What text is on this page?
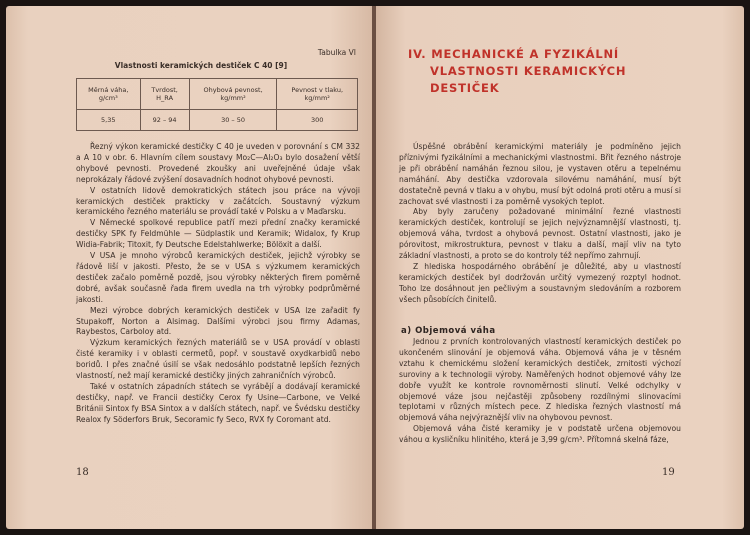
Tabulka VI
Vlastnosti keramických destiček C 40 [9]
Měrná váha, g/cm³	Tvrdost, H_RA	Ohybová pevnost, kg/mm²	Pevnost v tlaku, kg/mm²
5,35	92 – 94	30 – 50	300

Řezný výkon keramické destičky C 40 je uveden v porovnání s CM 332 a A 10 v obr. 6. Hlavním cílem soustavy Mo₂C—Al₂O₃ bylo dosažení větší ohybové pevnosti. Provedené zkoušky ani uveřejněné údaje však neprokázaly řádové zvýšení dosavadních hodnot ohybové pevnosti.

V ostatních lidově demokratických státech jsou práce na vývoji keramických destiček prakticky v začátcích. Soustavný výzkum keramického řezného materiálu se provádí také v Polsku a v Maďarsku.

V Německé spolkové republice patří mezi přední značky keramické destičky SPK fy Feldmühle — Südplastik und Keramik; Widalox, fy Krup Widia-Fabrik; Titoxit, fy Deutsche Edelstahlwerke; Bölöxit a další.

V USA je mnoho výrobců keramických destiček, jejichž výrobky se řádově liší v jakosti. Přesto, že se v USA s výzkumem keramických destiček začalo poměrně pozdě, jsou výrobky některých firem poměrně dobré, avšak současně řada firem uvedla na trh výrobky podprůměrné jakosti.

Mezi výrobce dobrých keramických destiček v USA lze zařadit fy Stupakoff, Norton a Alsimag. Dalšími výrobci jsou firmy Adamas, Raybestos, Carboloy atd.

Výzkum keramických řezných materiálů se v USA provádí v oblasti čisté keramiky i v oblasti cermetů, popř. v soustavě oxydkarbidů nebo boridů. I přes značné úsilí se však nedosáhlo podstatně lepších řezných vlastností, než mají keramické destičky jiných zahraničních výrobců.

Také v ostatních západních státech se vyrábějí a dodávají keramické destičky, např. ve Francii destičky Cerox fy Usine—Carbone, ve Velké Británii Sintox fy BSA Sintox a v dalších státech, např. ve Švédsku destičky Realox fy Söderfors Bruk, Secoramic fy Seco, RVX fy Coromant atd.

18
IV. MECHANICKÉ A FYZIKÁLNÍ
VLASTNOSTI KERAMICKÝCH
DESTIČEK

Úspěšné obrábění keramickými materiály je podmíněno jejich příznivými fyzikálními a mechanickými vlastnostmi. Břit řezného nástroje je při obrábění namáhán řeznou silou, je vystaven otěru a tepelnému namáhání. Aby destička vzdorovala silovému namáhání, musí být dostatečně pevná v tlaku a v ohybu, musí být odolná proti otěru a musí si zachovat své vlastnosti i za poměrně vysokých teplot.

Aby byly zaručeny požadované minimální řezné vlastnosti keramických destiček, kontrolují se jejich nejvýznamnější vlastnosti, tj. objemová váha, tvrdost a ohybová pevnost. Ostatní vlastnosti, jako je pórovitost, mikrostruktura, pevnost v tlaku a další, mají vliv na tyto základní vlastnosti, a proto se do kontroly též nepřímo zahrnují.

Z hlediska hospodárného obrábění je důležité, aby u vlastností keramických destiček byl dodržován určitý vymezený rozptyl hodnot. Toho lze dosáhnout jen pečlivým a soustavným sledováním a rozborem všech působících činitelů.

a) Objemová váha

Jednou z prvních kontrolovaných vlastností keramických destiček po ukončeném slinování je objemová váha. Objemová váha je v těsném vztahu k chemickému složení keramických destiček, zrnitosti výchozí suroviny a k technologii výroby. Naměřených hodnot objemové váhy lze dobře využít ke kontrole rovnoměrnosti slinutí. Velké odchylky v objemové váze jsou nejčastěji způsobeny rozdílnými slinovacími teplotami v různých místech pece. Z hlediska řezných vlastností má objemová váha nejvýraznější vliv na ohybovou pevnost.

Objemová váha čisté keramiky je v podstatě určena objemovou váhou α kysličníku hlinitého, která je 3,99 g/cm³. Přítomná skelná fáze,

19
